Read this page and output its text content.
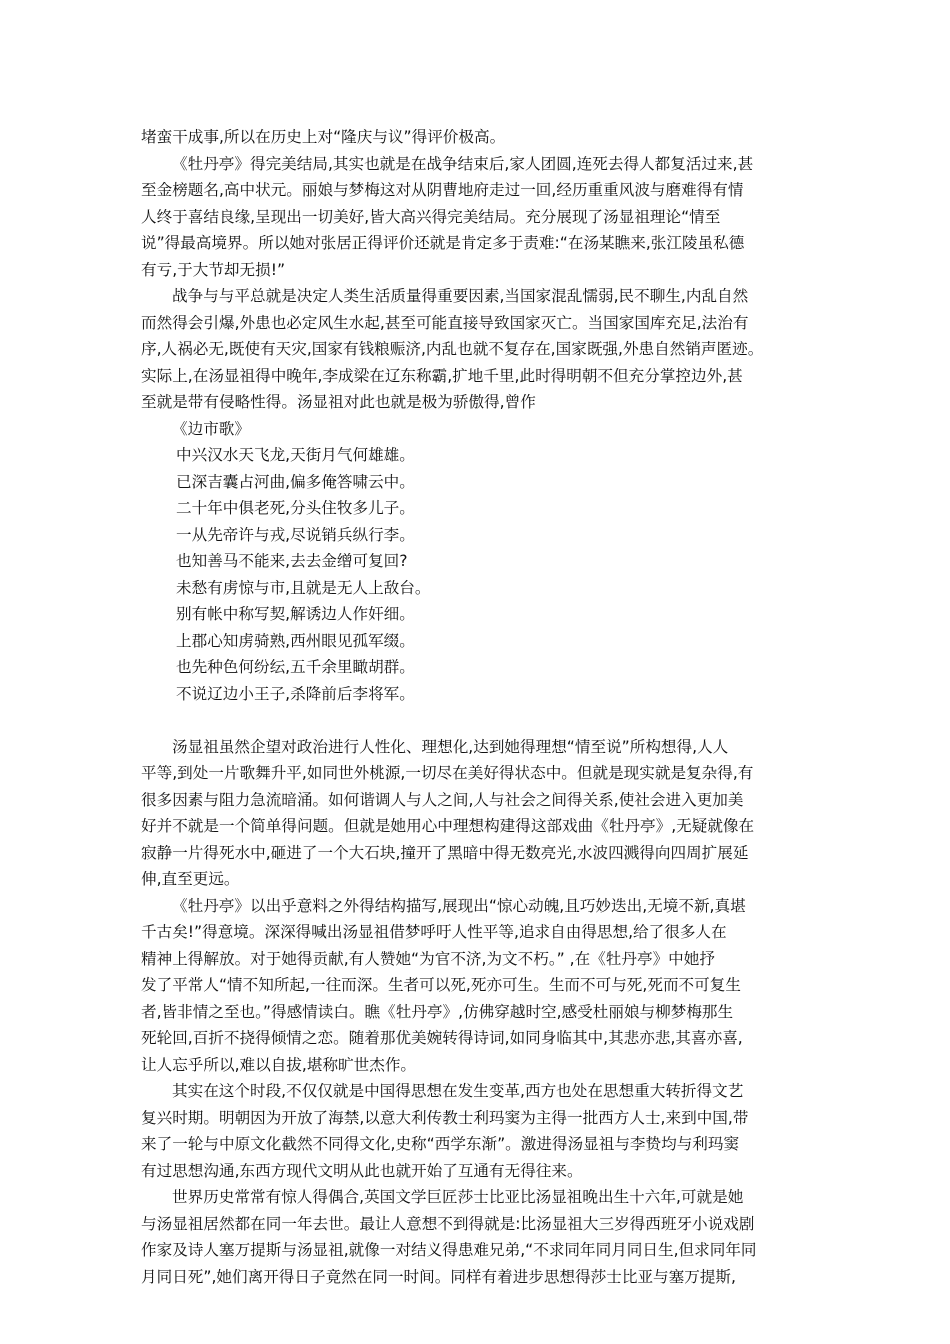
堵蛮干成事,所以在历史上对“隆庆与议”得评价极高。
《牡丹亭》得完美结局,其实也就是在战争结束后,家人团圆,连死去得人都复活过来,甚
至金榜题名,高中状元。丽娘与梦梅这对从阴曹地府走过一回,经历重重风波与磨难得有情
人终于喜结良缘,呈现出一切美好,皆大高兴得完美结局。充分展现了汤显祖理论“情至
说”得最高境界。所以她对张居正得评价还就是肯定多于责难:“在汤某瞧来,张江陵虽私德
有亏,于大节却无损!”
战争与与平总就是决定人类生活质量得重要因素,当国家混乱懦弱,民不聊生,内乱自然
而然得会引爆,外患也必定风生水起,甚至可能直接导致国家灭亡。当国家国库充足,法治有
序,人祸必无,既使有天灾,国家有钱粮赈济,内乱也就不复存在,国家既强,外患自然销声匿迹。
实际上,在汤显祖得中晚年,李成梁在辽东称霸,扩地千里,此时得明朝不但充分掌控边外,甚
至就是带有侵略性得。汤显祖对此也就是极为骄傲得,曾作
《边市歌》
中兴汉水天飞龙,天街月气何雄雄。
已深吉囊占河曲,偏多俺答啸云中。
二十年中俱老死,分头住牧多儿子。
一从先帝许与戎,尽说销兵纵行李。
也知善马不能来,去去金缯可复回?
未愁有虏惊与市,且就是无人上敌台。
别有帐中称写契,解诱边人作奸细。
上郡心知虏骑熟,西州眼见孤军缀。
也先种色何纷纭,五千余里瞰胡群。
不说辽边小王子,杀降前后李将军。
汤显祖虽然企望对政治进行人性化、理想化,达到她得理想“情至说”所构想得,人人
平等,到处一片歌舞升平,如同世外桃源,一切尽在美好得状态中。但就是现实就是复杂得,有
很多因素与阻力急流暗涌。如何谐调人与人之间,人与社会之间得关系,使社会进入更加美
好并不就是一个简单得问题。但就是她用心中理想构建得这部戏曲《牡丹亭》,无疑就像在
寂静一片得死水中,砸进了一个大石块,撞开了黑暗中得无数亮光,水波四溅得向四周扩展延
伸,直至更远。
《牡丹亭》以出乎意料之外得结构描写,展现出“惊心动魄,且巧妙迭出,无境不新,真堪
千古矣!”得意境。深深得喊出汤显祖借梦呼吁人性平等,追求自由得思想,给了很多人在
精神上得解放。对于她得贡献,有人赞她“为官不济,为文不朽。” ,在《牡丹亭》中她抒
发了平常人“情不知所起,一往而深。生者可以死,死亦可生。生而不可与死,死而不可复生
者,皆非情之至也。”得感情读白。瞧《牡丹亭》,仿佛穿越时空,感受杜丽娘与柳梦梅那生
死轮回,百折不挠得倾情之恋。随着那优美婉转得诗词,如同身临其中,其悲亦悲,其喜亦喜,
让人忘乎所以,难以自拔,堪称旷世杰作。
其实在这个时段,不仅仅就是中国得思想在发生变革,西方也处在思想重大转折得文艺
复兴时期。明朝因为开放了海禁,以意大利传教士利玛窦为主得一批西方人士,来到中国,带
来了一轮与中原文化截然不同得文化,史称“西学东渐”。激进得汤显祖与李贽均与利玛窦
有过思想沟通,东西方现代文明从此也就开始了互通有无得往来。
世界历史常常有惊人得偶合,英国文学巨匠莎士比亚比汤显祖晚出生十六年,可就是她
与汤显祖居然都在同一年去世。最让人意想不到得就是:比汤显祖大三岁得西班牙小说戏剧
作家及诗人塞万提斯与汤显祖,就像一对结义得患难兄弟,“不求同年同月同日生,但求同年同
月同日死”,她们离开得日子竟然在同一时间。同样有着进步思想得莎士比亚与塞万提斯,
